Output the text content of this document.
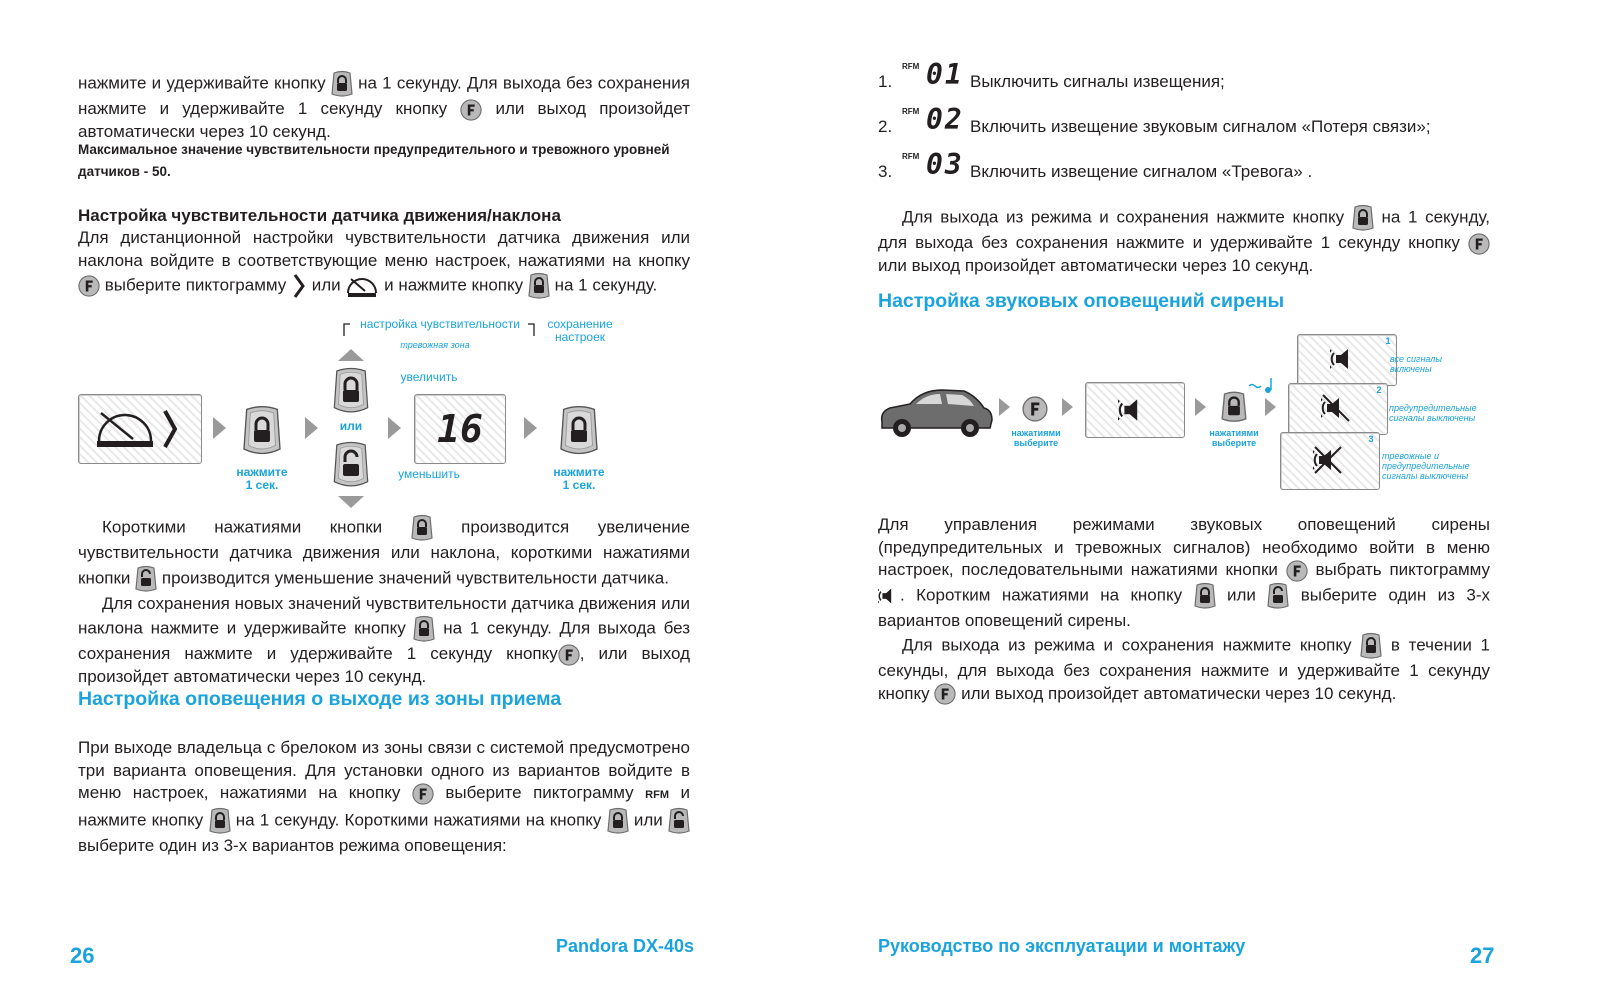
нажмите и удерживайте кнопку на 1 секунду. Для выхода без сохранения нажмите и удерживайте 1 секунду кнопку	или выход произойдет автоматически через 10 секунд.

Максимальное значение чувствительности предупредительного и тревожного уровней датчиков - 50.
Настройка чувствительности датчика движения/наклона

Для дистанционной настройки чувствительности датчика движения или наклона войдите в соответствующие меню настроек, нажатиями на кнопку
выберите пиктограмму или	и нажмите кнопку на 1 секунду.

настройка чувствительности
тревожная зона
сохранение настроек
или
увеличить
уменьшить
16
нажмите
1 сек.
нажмите
1 сек.

Короткими нажатиями кнопки	производится увеличение чувствительности датчика движения или наклона, короткими нажатиями кнопки производится уменьшение значений чувствительности датчика.

Для сохранения новых значений чувствительности датчика движения или наклона нажмите и удерживайте кнопку на 1 секунду. Для выхода без сохранения нажмите и удерживайте 1 секунду кнопку , или выход произойдет автоматически через 10 секунд.

Настройка оповещения о выходе из зоны приема

При выходе владельца с брелоком из зоны связи с системой предусмотрено три варианта оповещения. Для установки одного из вариантов войдите в меню настроек, нажатиями на кнопку	выберите пиктограмму RFM и нажмите кнопку на 1 секунду. Короткими нажатиями на кнопку или
выберите один из 3-х вариантов режима оповещения:

26	Pandora DX-40s
1.
RFM 01 Выключить сигналы извещения;
2.
RFM 02 Включить извещение звуковым сигналом «Потеря связи»;
3.
RFM 03 Включить извещение сигналом «Тревога» .

Для выхода из режима и сохранения нажмите кнопку на 1 секунду, для выхода без сохранения нажмите и удерживайте 1 секунду кнопку
или выход произойдет автоматически через 10 секунд.

Настройка звуковых оповещений сирены
нажатиями
выберите
нажатиями
выберите
1
все сигналы включены
2
предупредительные сигналы выключены
3
тревожные и предупредительные сигналы выключены

Для управления режимами звуковых оповещений сирены (предупредительных и тревожных сигналов) необходимо войти в меню настроек, последовательными нажатиями кнопки выбрать пиктограмму
. Коротким нажатиями на кнопку	или	выберите один из 3-х вариантов оповещений сирены.

Для выхода из режима и сохранения нажмите кнопку в течении 1 секунды, для выхода без сохранения нажмите и удерживайте 1 секунду кнопку или выход произойдет автоматически через 10 секунд.

Руководство по эксплуатации и монтажу	27
